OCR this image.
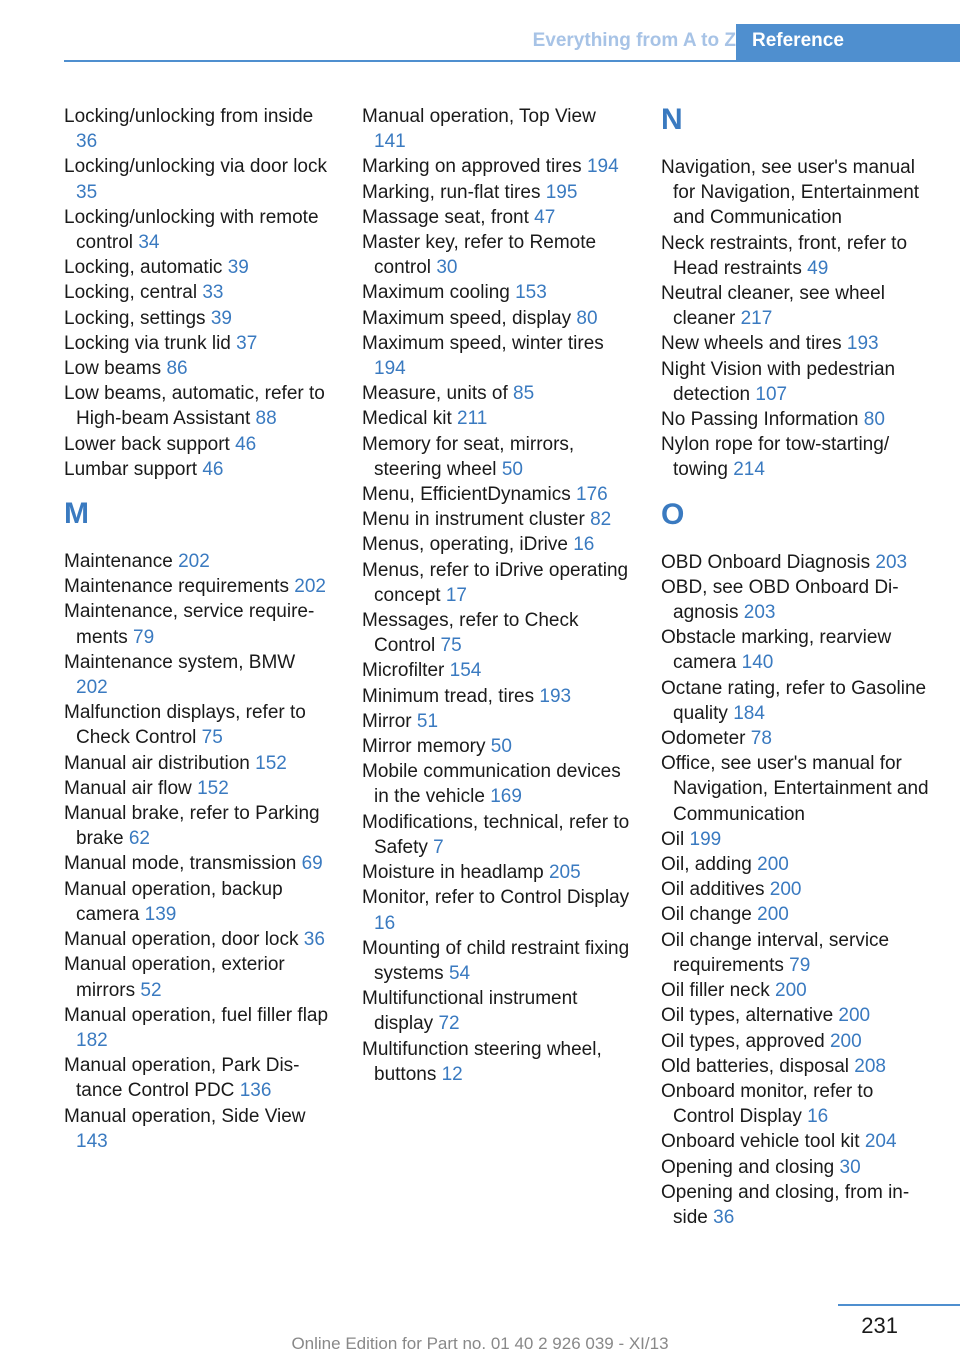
Everything from A to Z Reference
Locking/unlocking from inside 36
Locking/unlocking via door lock 35
Locking/unlocking with remote control 34
Locking, automatic 39
Locking, central 33
Locking, settings 39
Locking via trunk lid 37
Low beams 86
Low beams, automatic, refer to High-beam Assistant 88
Lower back support 46
Lumbar support 46
M
Maintenance 202
Maintenance requirements 202
Maintenance, service requirements 79
Maintenance system, BMW 202
Malfunction displays, refer to Check Control 75
Manual air distribution 152
Manual air flow 152
Manual brake, refer to Parking brake 62
Manual mode, transmission 69
Manual operation, backup camera 139
Manual operation, door lock 36
Manual operation, exterior mirrors 52
Manual operation, fuel filler flap 182
Manual operation, Park Distance Control PDC 136
Manual operation, Side View 143
Manual operation, Top View 141
Marking on approved tires 194
Marking, run-flat tires 195
Massage seat, front 47
Master key, refer to Remote control 30
Maximum cooling 153
Maximum speed, display 80
Maximum speed, winter tires 194
Measure, units of 85
Medical kit 211
Memory for seat, mirrors, steering wheel 50
Menu, EfficientDynamics 176
Menu in instrument cluster 82
Menus, operating, iDrive 16
Menus, refer to iDrive operating concept 17
Messages, refer to Check Control 75
Microfilter 154
Minimum tread, tires 193
Mirror 51
Mirror memory 50
Mobile communication devices in the vehicle 169
Modifications, technical, refer to Safety 7
Moisture in headlamp 205
Monitor, refer to Control Display 16
Mounting of child restraint fixing systems 54
Multifunctional instrument display 72
Multifunction steering wheel, buttons 12
N
Navigation, see user's manual for Navigation, Entertainment and Communication
Neck restraints, front, refer to Head restraints 49
Neutral cleaner, see wheel cleaner 217
New wheels and tires 193
Night Vision with pedestrian detection 107
No Passing Information 80
Nylon rope for tow-starting/ towing 214
O
OBD Onboard Diagnosis 203
OBD, see OBD Onboard Diagnosis 203
Obstacle marking, rearview camera 140
Octane rating, refer to Gasoline quality 184
Odometer 78
Office, see user's manual for Navigation, Entertainment and Communication
Oil 199
Oil, adding 200
Oil additives 200
Oil change 200
Oil change interval, service requirements 79
Oil filler neck 200
Oil types, alternative 200
Oil types, approved 200
Old batteries, disposal 208
Onboard monitor, refer to Control Display 16
Onboard vehicle tool kit 204
Opening and closing 30
Opening and closing, from inside 36
231
Online Edition for Part no. 01 40 2 926 039 - XI/13
